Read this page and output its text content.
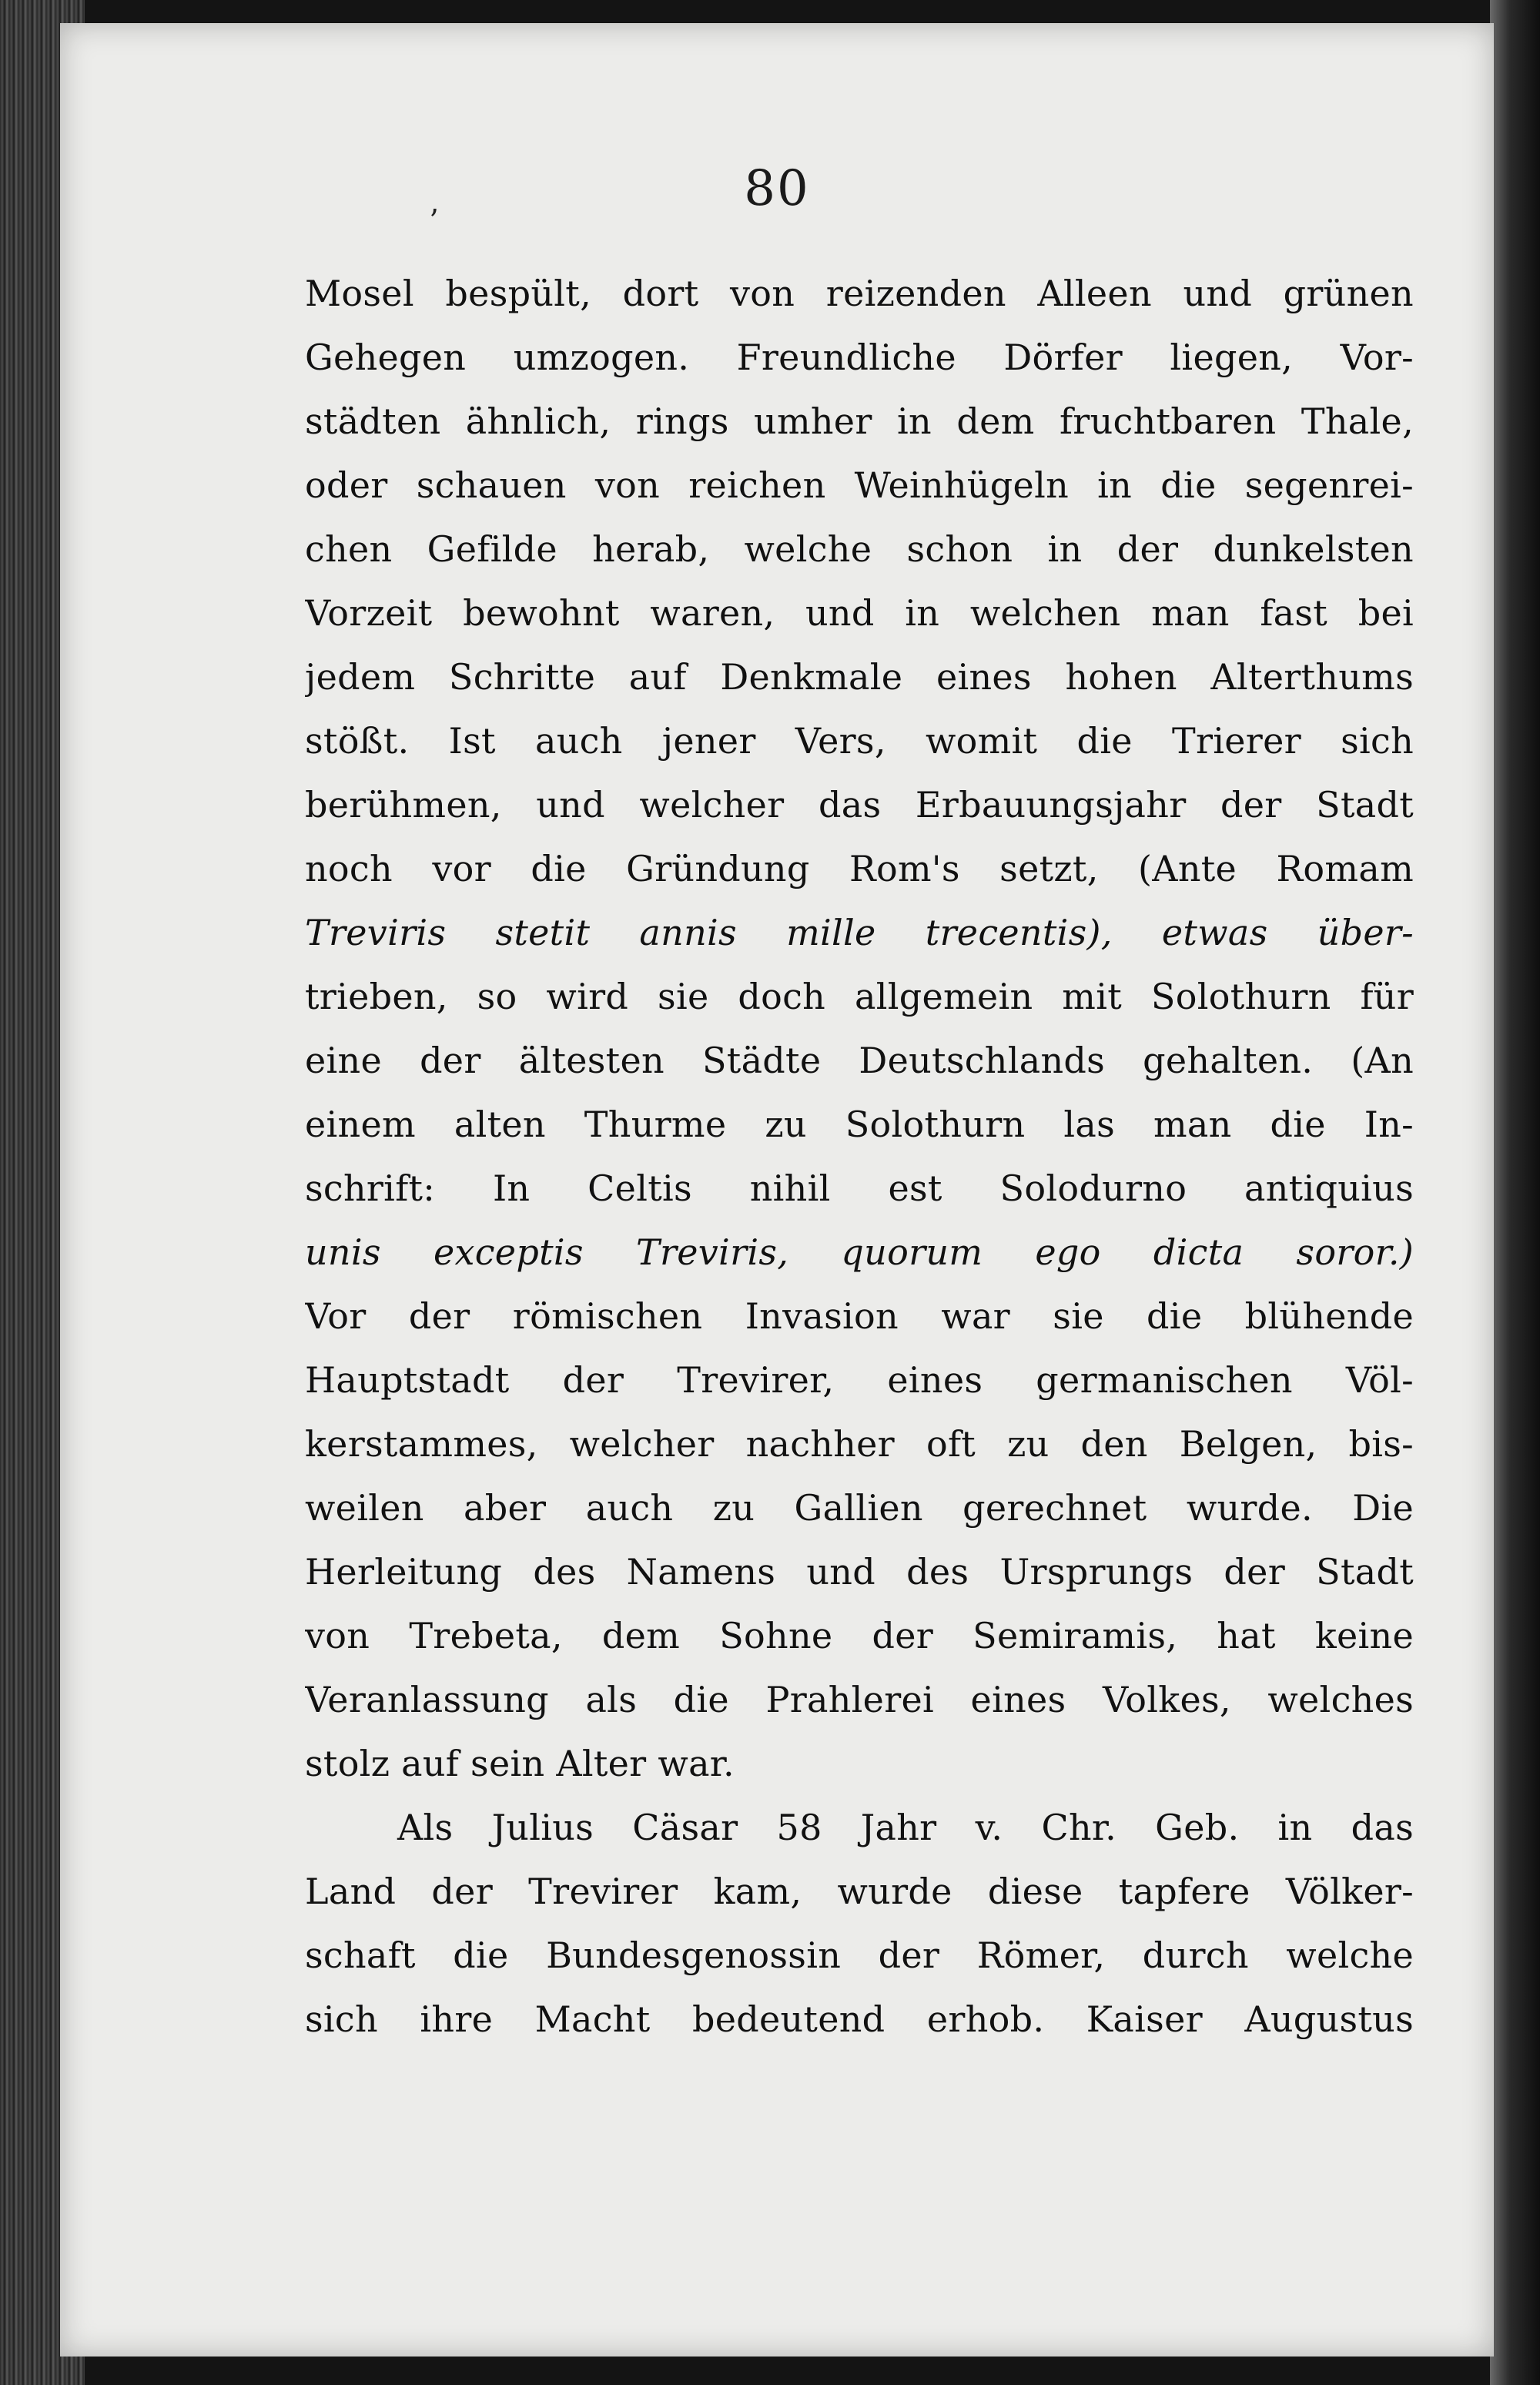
80
ʼ
Mosel bespült, dort von reizenden Alleen und grünen
Gehegen umzogen. Freundliche Dörfer liegen, Vor-
städten ähnlich, rings umher in dem fruchtbaren Thale,
oder schauen von reichen Weinhügeln in die segenrei-
chen Gefilde herab, welche schon in der dunkelsten
Vorzeit bewohnt waren, und in welchen man fast bei
jedem Schritte auf Denkmale eines hohen Alterthums
stößt. Ist auch jener Vers, womit die Trierer sich
berühmen, und welcher das Erbauungsjahr der Stadt
noch vor die Gründung Rom's setzt, (Ante Romam
Treviris stetit annis mille trecentis), etwas über-
trieben, so wird sie doch allgemein mit Solothurn für
eine der ältesten Städte Deutschlands gehalten. (An
einem alten Thurme zu Solothurn las man die In-
schrift: In Celtis nihil est Solodurno antiquius
unis exceptis Treviris, quorum ego dicta soror.)
Vor der römischen Invasion war sie die blühende
Hauptstadt der Trevirer, eines germanischen Völ-
kerstammes, welcher nachher oft zu den Belgen, bis-
weilen aber auch zu Gallien gerechnet wurde. Die
Herleitung des Namens und des Ursprungs der Stadt
von Trebeta, dem Sohne der Semiramis, hat keine
Veranlassung als die Prahlerei eines Volkes, welches
stolz auf sein Alter war.
Als Julius Cäsar 58 Jahr v. Chr. Geb. in das
Land der Trevirer kam, wurde diese tapfere Völker-
schaft die Bundesgenossin der Römer, durch welche
sich ihre Macht bedeutend erhob. Kaiser Augustus
